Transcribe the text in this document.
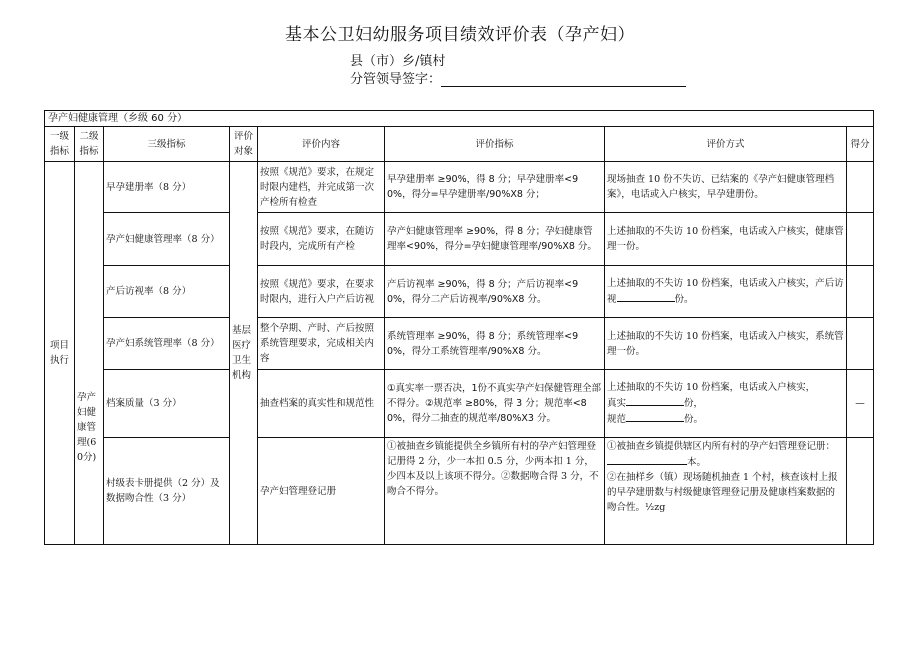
基本公卫妇幼服务项目绩效评价表（孕产妇）
县（市）乡/镇村
分管领导签字：
孕产妇健康管理（乡级 60 分）							
一级指标	二级指标	三级指标	评价对象	评价内容	评价指标	评价方式	得分
项目执行	孕产妇健康管理(60分)	早孕建册率（8 分）	基层医疗卫生机构	按照《规范》要求，在规定时限内建档，并完成第一次产检所有检查	早孕建册率 ≥90%，得 8 分；早孕建册率<90%，得分=早孕建册率/90%X8 分；	现场抽查 10 份不失访、已结案的《孕产妇健康管理档案》，电话或入户核实，早孕建册份。	
		孕产妇健康管理率（8 分）		按照《规范》要求，在随访时段内，完成所有产检	孕产妇健康管理率 ≥90%，得 8 分；孕妇健康管理率<90%，得分=孕妇健康管理率/90%X8 分。	上述抽取的不失访 10 份档案，电话或入户核实，健康管理一份。	
		产后访视率（8 分）		按照《规范》要求，在要求时限内，进行入户产后访视	产后访视率 ≥90%，得 8 分；产后访视率<90%，得分二产后访视率/90%X8 分。	上述抽取的不失访 10 份档案，电话或入户核实，产后访视 份。	
		孕产妇系统管理率（8 分）		整个孕期、产时、产后按照系统管理要求，完成相关内容	系统管理率 ≥90%，得 8 分；系统管理率<90%，得分工系统管理率/90%X8 分。	上述抽取的不失访 10 份档案，电话或入户核实，系统管理一份。	
		档案质量（3 分）		抽查档案的真实性和规范性	①真实率一票否决，1份不真实孕产妇保健管理全部不得分。②规范率 ≥80%，得 3 分；规范率<80%，得分二抽查的规范率/80%X3 分。	上述抽取的不失访 10 份档案，电话或入户核实，
真实 份，
规范 份。	—
		村级表卡册提供（2 分）及数据吻合性（3 分）		孕产妇管理登记册	①被抽查乡镇能提供全乡镇所有村的孕产妇管理登记册得 2 分，少一本扣 0.5 分，少两本扣 1 分，少四本及以上该项不得分。②数据吻合得 3 分，不吻合不得分。	①被抽查乡镇提供辖区内所有村的孕产妇管理登记册：本。
②在抽样乡（镇）现场随机抽查 1 个村，核查该村上报的早孕建册数与村级健康管理登记册及健康档案数据的吻合性。½zg	
